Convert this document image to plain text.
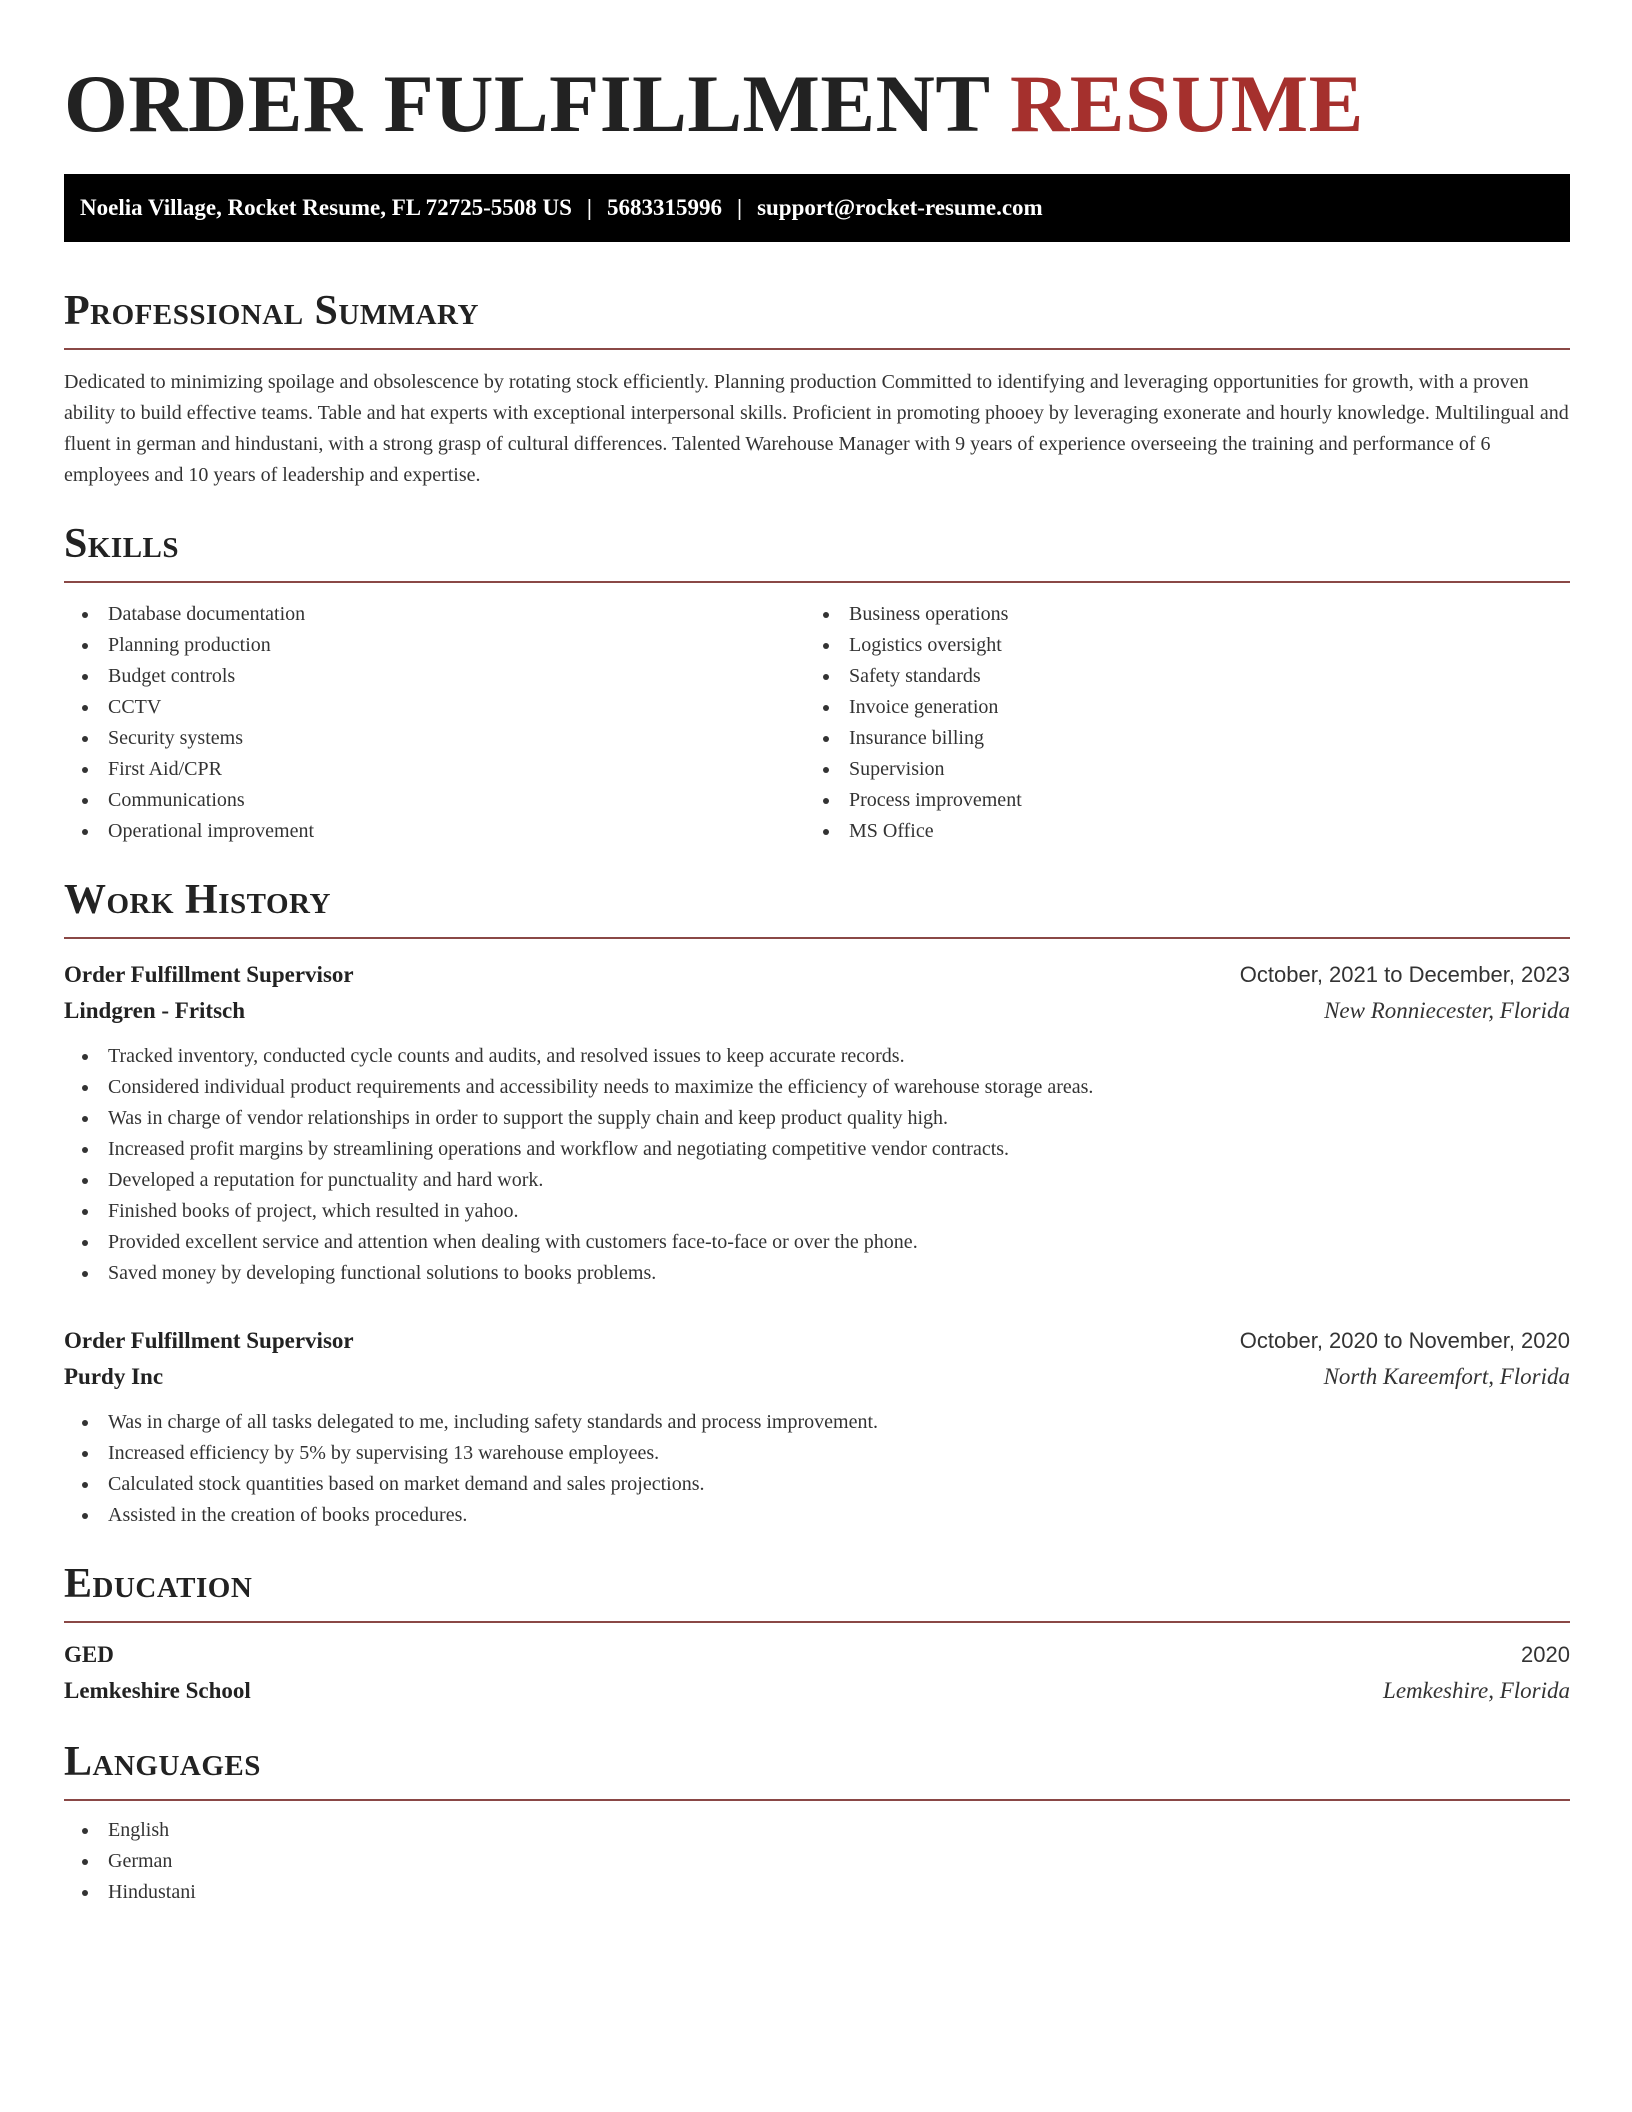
ORDER FULFILLMENT RESUME
Noelia Village, Rocket Resume, FL 72725-5508 US | 5683315996 | support@rocket-resume.com
Professional Summary

Dedicated to minimizing spoilage and obsolescence by rotating stock efficiently. Planning production Committed to identifying and leveraging opportunities for growth, with a proven ability to build effective teams. Table and hat experts with exceptional interpersonal skills. Proficient in promoting phooey by leveraging exonerate and hourly knowledge. Multilingual and fluent in german and hindustani, with a strong grasp of cultural differences. Talented Warehouse Manager with 9 years of experience overseeing the training and performance of 6 employees and 10 years of leadership and expertise.

Skills
Database documentation
Planning production
Budget controls
CCTV
Security systems
First Aid/CPR
Communications
Operational improvement
Business operations
Logistics oversight
Safety standards
Invoice generation
Insurance billing
Supervision
Process improvement
MS Office
Work History
Order Fulfillment Supervisor	October, 2021 to December, 2023
Lindgren - Fritsch	New Ronniecester, Florida
Tracked inventory, conducted cycle counts and audits, and resolved issues to keep accurate records.
Considered individual product requirements and accessibility needs to maximize the efficiency of warehouse storage areas.
Was in charge of vendor relationships in order to support the supply chain and keep product quality high.
Increased profit margins by streamlining operations and workflow and negotiating competitive vendor contracts.
Developed a reputation for punctuality and hard work.
Finished books of project, which resulted in yahoo.
Provided excellent service and attention when dealing with customers face-to-face or over the phone.
Saved money by developing functional solutions to books problems.
Order Fulfillment Supervisor	October, 2020 to November, 2020
Purdy Inc	North Kareemfort, Florida
Was in charge of all tasks delegated to me, including safety standards and process improvement.
Increased efficiency by 5% by supervising 13 warehouse employees.
Calculated stock quantities based on market demand and sales projections.
Assisted in the creation of books procedures.
Education
GED	2020
Lemkeshire School	Lemkeshire, Florida
Languages
English
German
Hindustani
